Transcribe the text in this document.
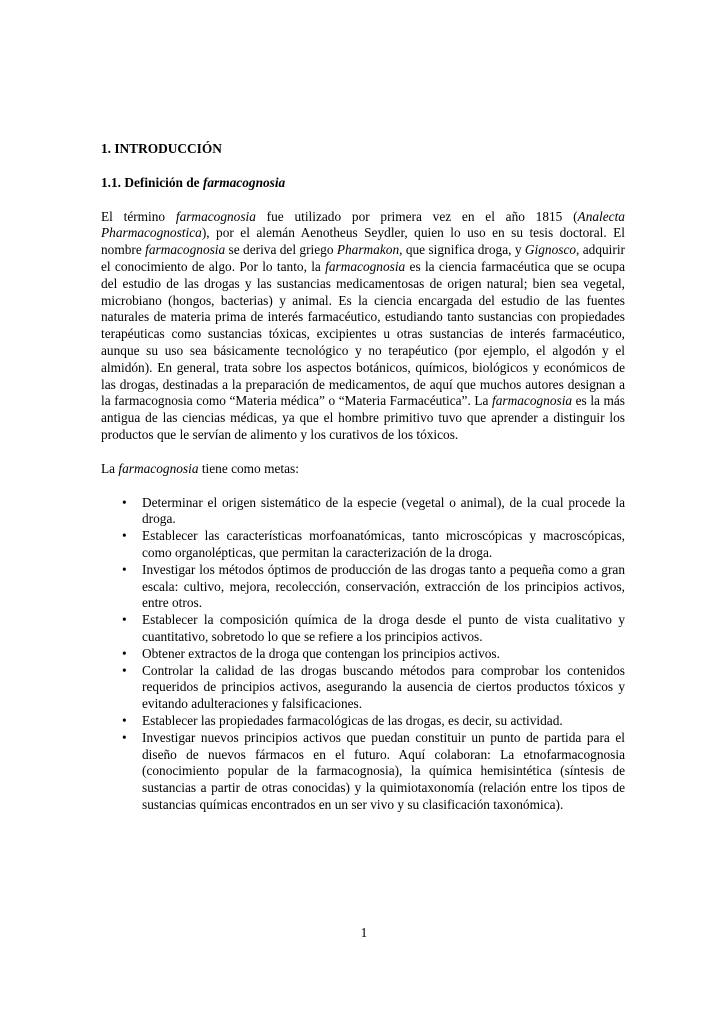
1. INTRODUCCIÓN

1.1. Definición de farmacognosia

El término farmacognosia fue utilizado por primera vez en el año 1815 (Analecta Pharmacognostica), por el alemán Aenotheus Seydler, quien lo uso en su tesis doctoral. El nombre farmacognosia se deriva del griego Pharmakon, que significa droga, y Gignosco, adquirir el conocimiento de algo. Por lo tanto, la farmacognosia es la ciencia farmacéutica que se ocupa del estudio de las drogas y las sustancias medicamentosas de origen natural; bien sea vegetal, microbiano (hongos, bacterias) y animal. Es la ciencia encargada del estudio de las fuentes naturales de materia prima de interés farmacéutico, estudiando tanto sustancias con propiedades terapéuticas como sustancias tóxicas, excipientes u otras sustancias de interés farmacéutico, aunque su uso sea básicamente tecnológico y no terapéutico (por ejemplo, el algodón y el almidón). En general, trata sobre los aspectos botánicos, químicos, biológicos y económicos de las drogas, destinadas a la preparación de medicamentos, de aquí que muchos autores designan a la farmacognosia como “Materia médica” o “Materia Farmacéutica”. La farmacognosia es la más antigua de las ciencias médicas, ya que el hombre primitivo tuvo que aprender a distinguir los productos que le servían de alimento y los curativos de los tóxicos.

La farmacognosia tiene como metas:

• Determinar el origen sistemático de la especie (vegetal o animal), de la cual procede la droga.
• Establecer las características morfoanatómicas, tanto microscópicas y macroscópicas, como organolépticas, que permitan la caracterización de la droga.
• Investigar los métodos óptimos de producción de las drogas tanto a pequeña como a gran escala: cultivo, mejora, recolección, conservación, extracción de los principios activos, entre otros.
• Establecer la composición química de la droga desde el punto de vista cualitativo y cuantitativo, sobretodo lo que se refiere a los principios activos.
• Obtener extractos de la droga que contengan los principios activos.
• Controlar la calidad de las drogas buscando métodos para comprobar los contenidos requeridos de principios activos, asegurando la ausencia de ciertos productos tóxicos y evitando adulteraciones y falsificaciones.
• Establecer las propiedades farmacológicas de las drogas, es decir, su actividad.
• Investigar nuevos principios activos que puedan constituir un punto de partida para el diseño de nuevos fármacos en el futuro. Aquí colaboran: La etnofarmacognosia (conocimiento popular de la farmacognosia), la química hemisintética (síntesis de sustancias a partir de otras conocidas) y la quimiotaxonomía (relación entre los tipos de sustancias químicas encontrados en un ser vivo y su clasificación taxonómica).
1
